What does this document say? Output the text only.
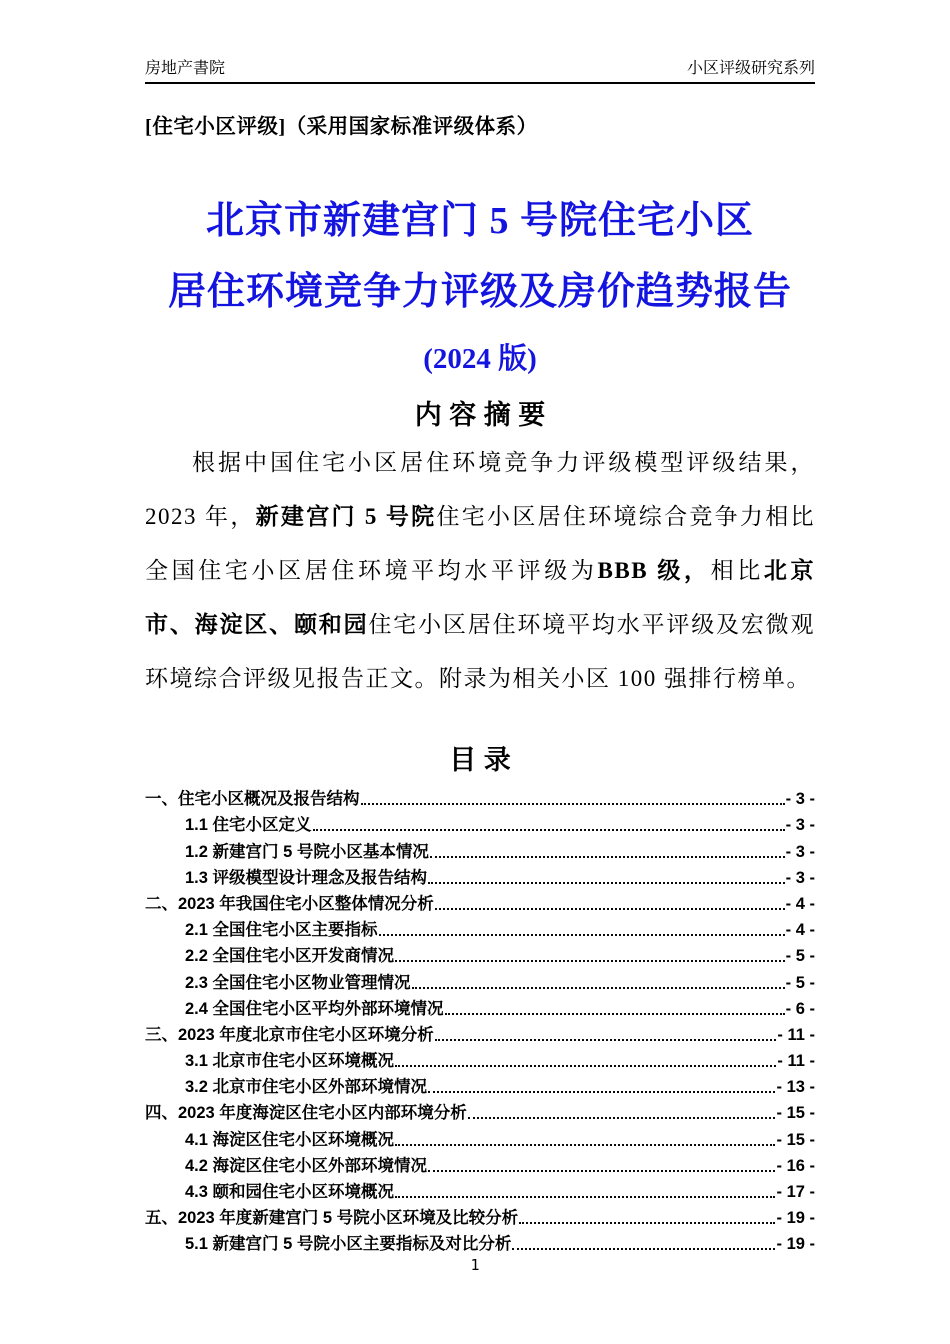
房地产書院	小区评级研究系列
[住宅小区评级]（采用国家标准评级体系）
北京市新建宫门 5 号院住宅小区
居住环境竞争力评级及房价趋势报告
(2024 版)
内 容 摘 要
根据中国住宅小区居住环境竞争力评级模型评级结果，2023 年，新建宫门 5 号院住宅小区居住环境综合竞争力相比全国住宅小区居住环境平均水平评级为BBB 级，相比北京市、海淀区、颐和园住宅小区居住环境平均水平评级及宏微观环境综合评级见报告正文。附录为相关小区 100 强排行榜单。
目 录
一、住宅小区概况及报告结构	- 3 -
1.1 住宅小区定义	- 3 -
1.2 新建宫门 5 号院小区基本情况	- 3 -
1.3 评级模型设计理念及报告结构	- 3 -
二、2023 年我国住宅小区整体情况分析	- 4 -
2.1 全国住宅小区主要指标	- 4 -
2.2 全国住宅小区开发商情况	- 5 -
2.3 全国住宅小区物业管理情况	- 5 -
2.4 全国住宅小区平均外部环境情况	- 6 -
三、2023 年度北京市住宅小区环境分析	- 11 -
3.1 北京市住宅小区环境概况	- 11 -
3.2 北京市住宅小区外部环境情况	- 13 -
四、2023 年度海淀区住宅小区内部环境分析	- 15 -
4.1 海淀区住宅小区环境概况	- 15 -
4.2 海淀区住宅小区外部环境情况	- 16 -
4.3 颐和园住宅小区环境概况	- 17 -
五、2023 年度新建宫门 5 号院小区环境及比较分析	- 19 -
5.1 新建宫门 5 号院小区主要指标及对比分析	- 19 -
1
